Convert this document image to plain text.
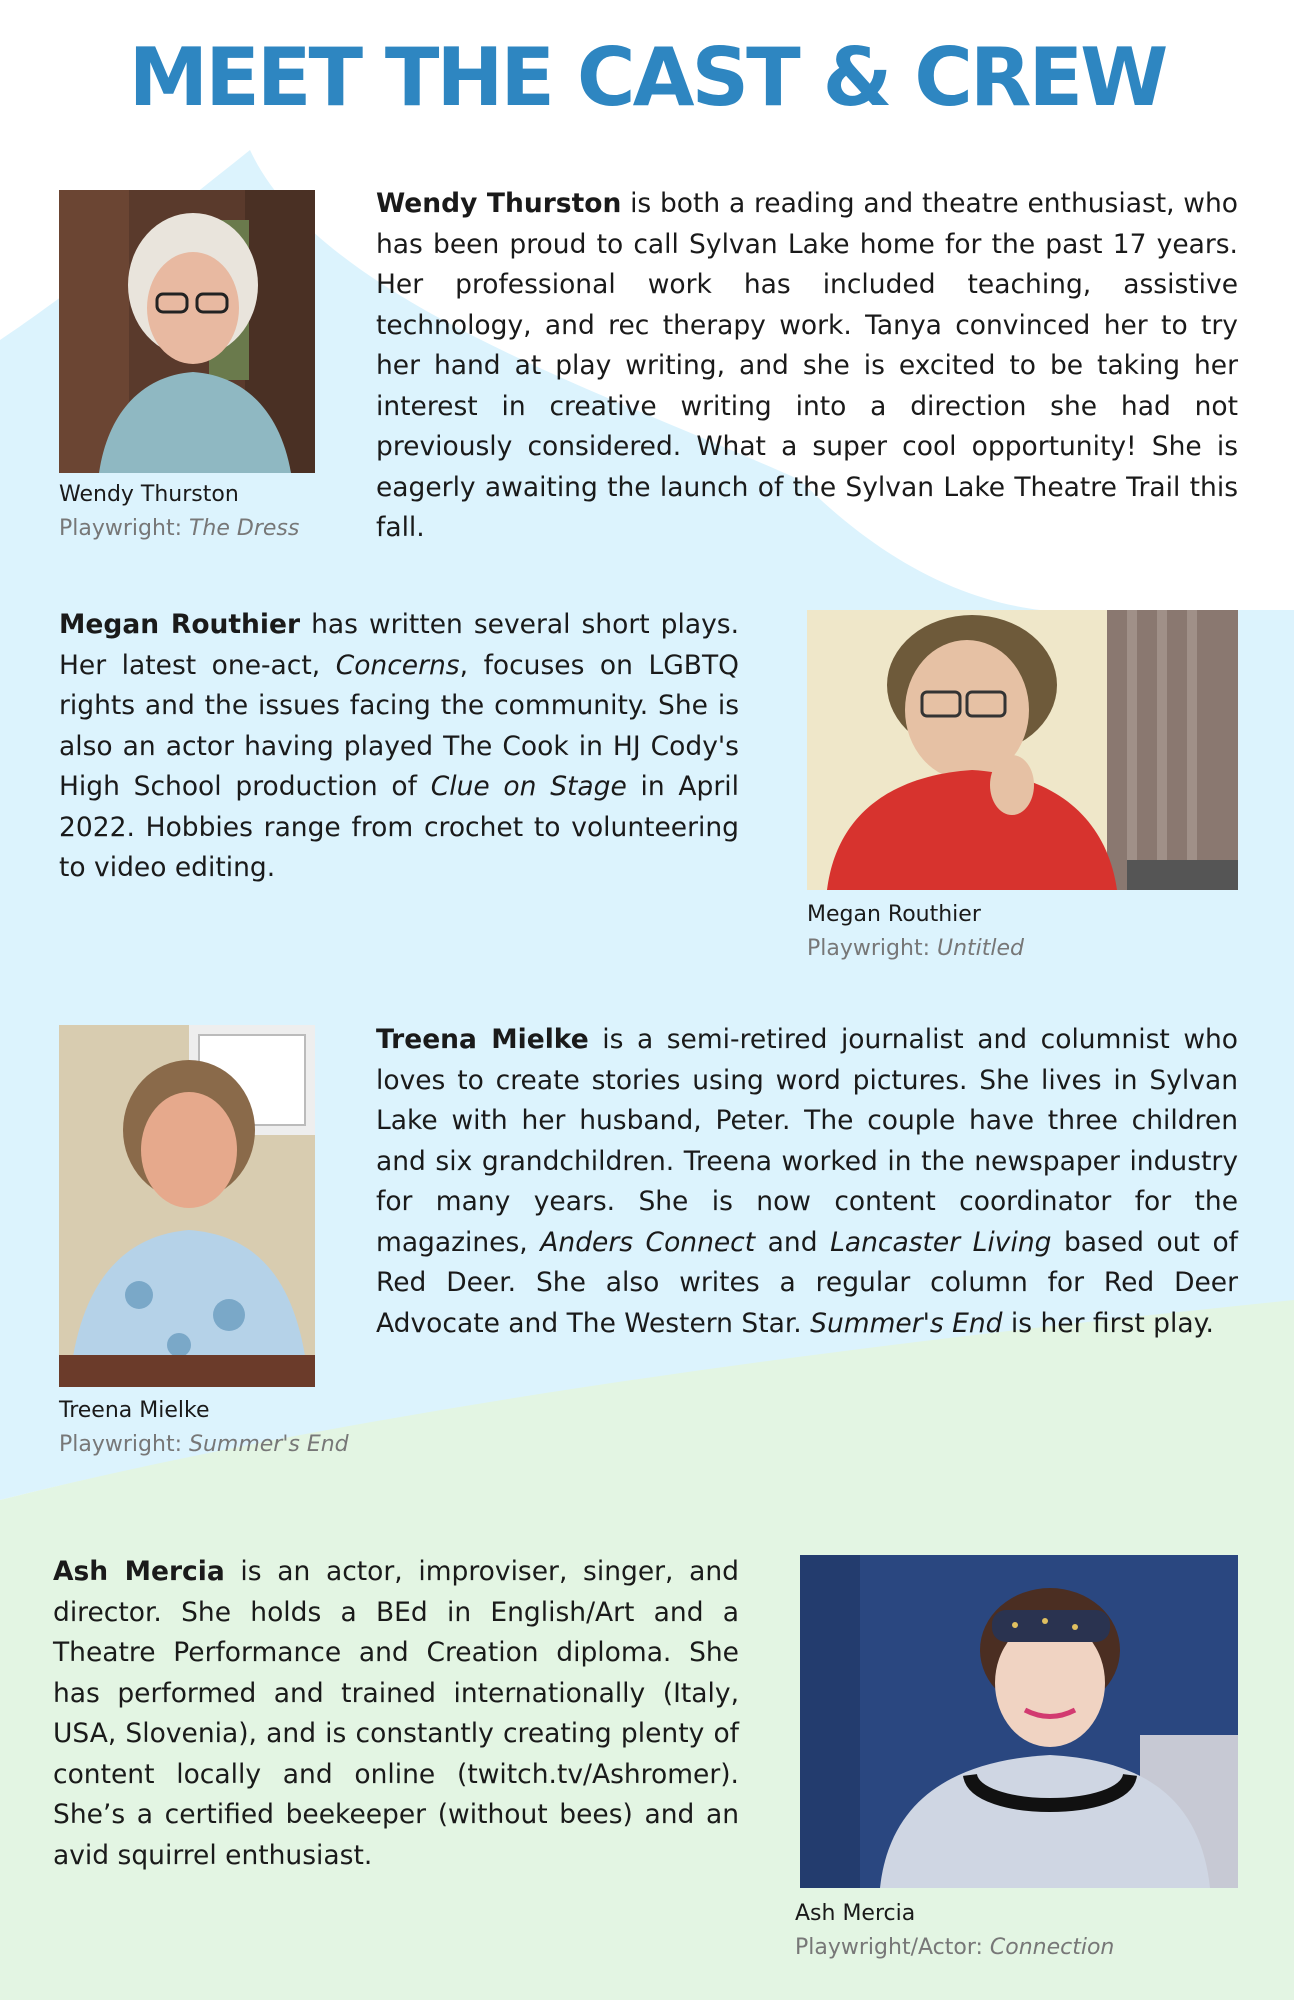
MEET THE CAST & CREW
Wendy Thurston
Playwright: The Dress

Wendy Thurston is both a reading and theatre enthusiast, who has been proud to call Sylvan Lake home for the past 17 years. Her professional work has included teaching, assistive technology, and rec therapy work. Tanya convinced her to try her hand at play writing, and she is excited to be taking her interest in creative writing into a direction she had not previously considered. What a super cool opportunity! She is eagerly awaiting the launch of the Sylvan Lake Theatre Trail this fall.

Megan Routhier has written several short plays. Her latest one-act, Concerns, focuses on LGBTQ rights and the issues facing the community. She is also an actor having played The Cook in HJ Cody's High School production of Clue on Stage in April 2022. Hobbies range from crochet to volunteering to video editing.

Megan Routhier
Playwright: Untitled
Treena Mielke
Playwright: Summer's End

Treena Mielke is a semi-retired journalist and columnist who loves to create stories using word pictures. She lives in Sylvan Lake with her husband, Peter. The couple have three children and six grandchildren. Treena worked in the newspaper industry for many years. She is now content coordinator for the magazines, Anders Connect and Lancaster Living based out of Red Deer. She also writes a regular column for Red Deer Advocate and The Western Star. Summer's End is her first play.

Ash Mercia is an actor, improviser, singer, and director. She holds a BEd in English/Art and a Theatre Performance and Creation diploma. She has performed and trained internationally (Italy, USA, Slovenia), and is constantly creating plenty of content locally and online (twitch.tv/Ashromer). She’s a certified beekeeper (without bees) and an avid squirrel enthusiast.

Ash Mercia
Playwright/Actor: Connection
